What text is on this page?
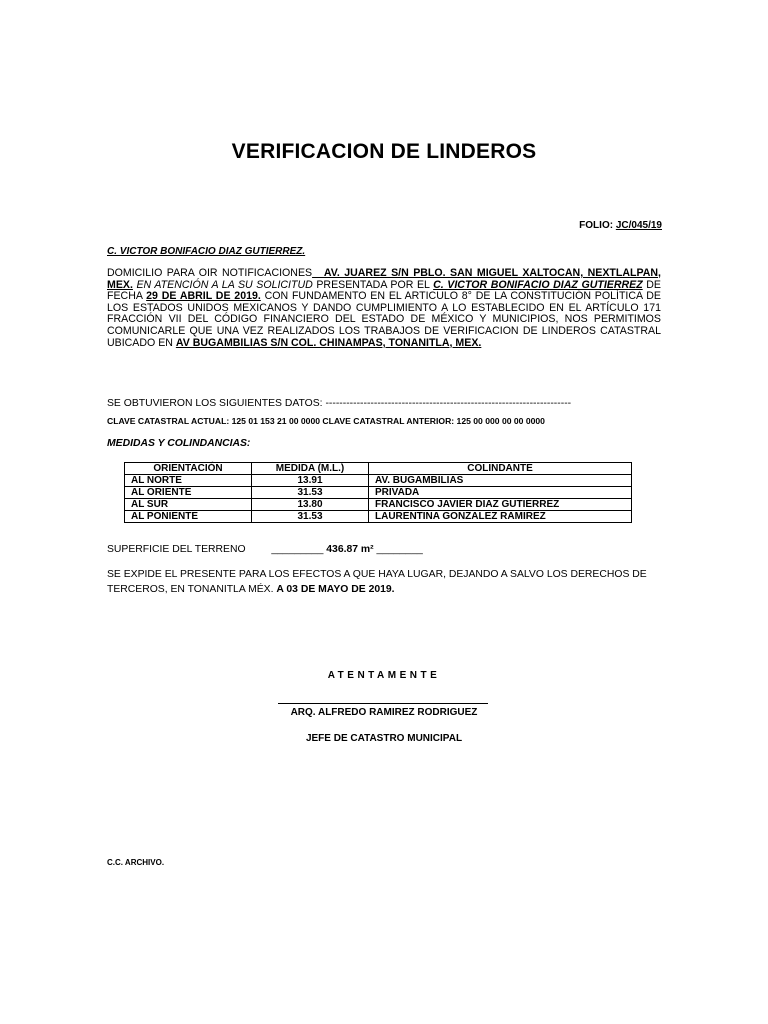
VERIFICACION DE LINDEROS
FOLIO: JC/045/19
C. VICTOR BONIFACIO DIAZ GUTIERREZ.
DOMICILIO PARA OIR NOTIFICACIONES__AV. JUAREZ S/N PBLO. SAN MIGUEL XALTOCAN, NEXTLALPAN, MEX. EN ATENCIÓN A LA SU SOLICITUD PRESENTADA POR EL C. VICTOR BONIFACIO DIAZ GUTIERREZ DE FECHA 29 DE ABRIL DE 2019. CON FUNDAMENTO EN EL ARTICULO 8° DE LA CONSTITUCIÓN POLÍTICA DE LOS ESTADOS UNIDOS MEXICANOS Y DANDO CUMPLIMIENTO A LO ESTABLECIDO EN EL ARTÍCULO 171 FRACCIÓN VII DEL CÓDIGO FINANCIERO DEL ESTADO DE MÉXICO Y MUNICIPIOS, NOS PERMITIMOS COMUNICARLE QUE UNA VEZ REALIZADOS LOS TRABAJOS DE VERIFICACION DE LINDEROS CATASTRAL UBICADO EN AV BUGAMBILIAS S/N COL. CHINAMPAS, TONANITLA, MEX.
SE OBTUVIERON LOS SIGUIENTES DATOS: -----------------------------------------------------------------------
CLAVE CATASTRAL ACTUAL: 125 01 153 21 00 0000 CLAVE CATASTRAL ANTERIOR: 125 00 000 00 00 0000
MEDIDAS Y COLINDANCIAS:
ORIENTACIÓN	MEDIDA (M.L.)	COLINDANTE
AL NORTE	13.91	AV. BUGAMBILIAS
AL ORIENTE	31.53	PRIVADA
AL SUR	13.80	FRANCISCO JAVIER DIAZ GUTIERREZ
AL PONIENTE	31.53	LAURENTINA GONZALEZ RAMIREZ
SUPERFICIE DEL TERRENO _________ 436.87 m² ________
SE EXPIDE EL PRESENTE PARA LOS EFECTOS A QUE HAYA LUGAR, DEJANDO A SALVO LOS DERECHOS DE TERCEROS, EN TONANITLA MÉX. A 03 DE MAYO DE 2019.
ATENTAMENTE
ARQ. ALFREDO RAMIREZ RODRIGUEZ
JEFE DE CATASTRO MUNICIPAL
C.C. ARCHIVO.
